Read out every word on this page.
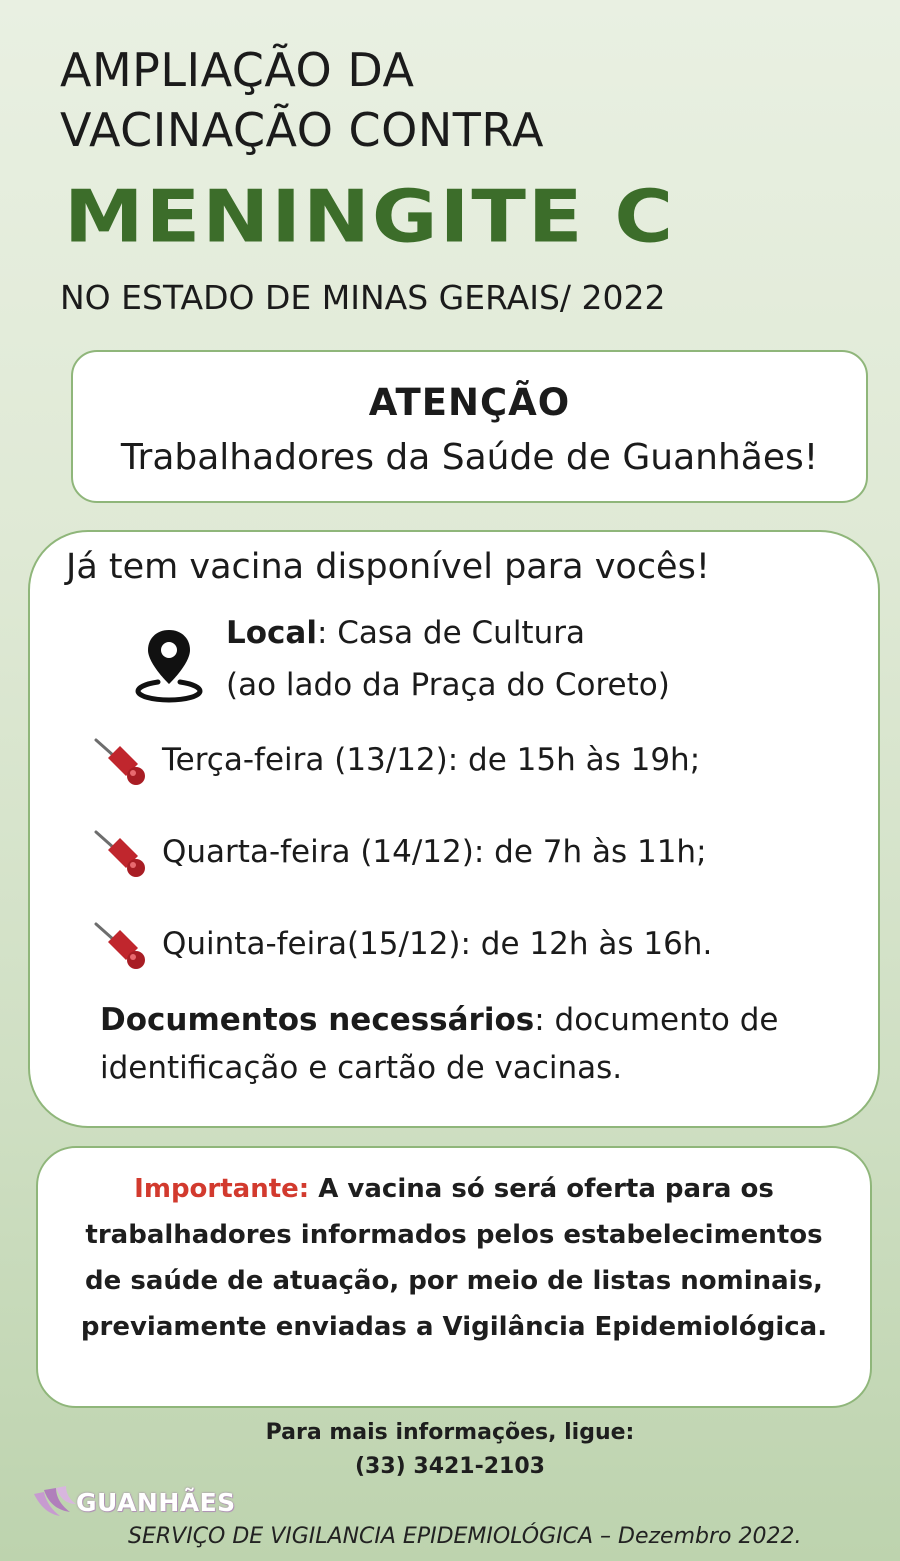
AMPLIAÇÃO DA
VACINAÇÃO CONTRA
MENINGITE C
NO ESTADO DE MINAS GERAIS/ 2022
ATENÇÃO
Trabalhadores da Saúde de Guanhães!
Já tem vacina disponível para vocês!
Local: Casa de Cultura
(ao lado da Praça do Coreto)
Terça-feira (13/12): de 15h às 19h;
Quarta-feira (14/12): de 7h às 11h;
Quinta-feira(15/12): de 12h às 16h.
Documentos necessários: documento de identificação e cartão de vacinas.
Importante: A vacina só será oferta para os trabalhadores informados pelos estabelecimentos de saúde de atuação, por meio de listas nominais, previamente enviadas a Vigilância Epidemiológica.
Para mais informações, ligue:
(33) 3421-2103
GUANHÃES
SERVIÇO DE VIGILANCIA EPIDEMIOLÓGICA – Dezembro 2022.
